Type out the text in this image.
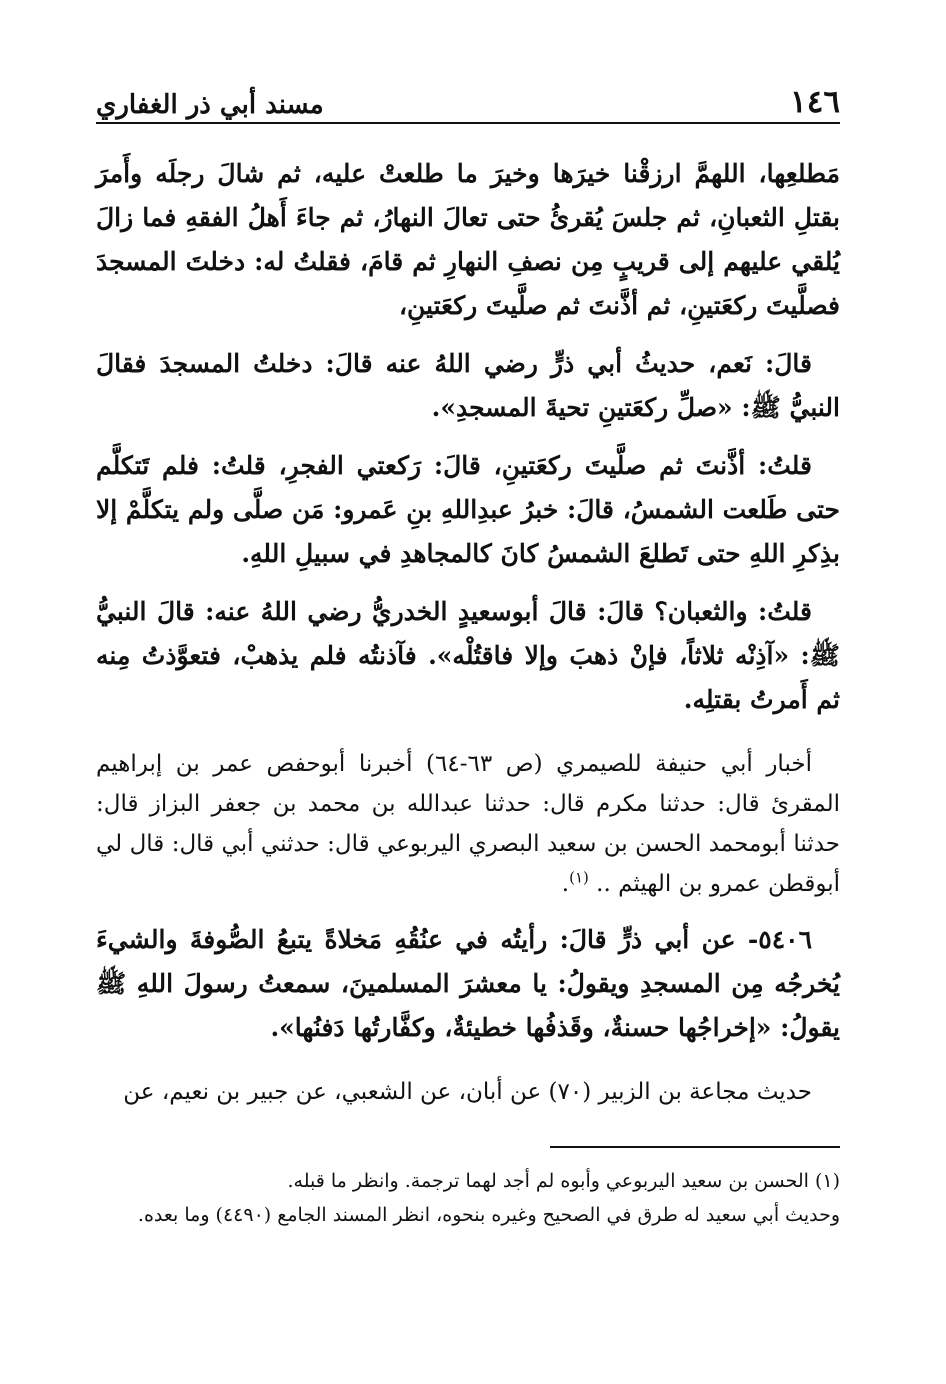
١٤٦
مسند أبي ذر الغفاري

مَطلعِها، اللهمَّ ارزقْنا خيرَها وخيرَ ما طلعتْ عليه، ثم شالَ رجلَه وأَمرَ بقتلِ الثعبانِ، ثم جلسَ يُقرئُ حتى تعالَ النهارُ، ثم جاءَ أَهلُ الفقهِ فما زالَ يُلقي عليهم إلى قريبٍ مِن نصفِ النهارِ ثم قامَ، فقلتُ له: دخلتَ المسجدَ فصلَّيتَ ركعَتينِ، ثم أذَّنتَ ثم صلَّيتَ ركعَتينِ،

قالَ: نَعم، حديثُ أبي ذرٍّ رضي اللهُ عنه قالَ: دخلتُ المسجدَ فقالَ النبيُّ ﷺ: «صلِّ ركعَتينِ تحيةَ المسجدِ».

قلتُ: أذَّنتَ ثم صلَّيتَ ركعَتينِ، قالَ: رَكعتي الفجرِ، قلتُ: فلم تَتكلَّم حتى طَلعت الشمسُ، قالَ: خبرُ عبدِاللهِ بنِ عَمرو: مَن صلَّى ولم يتكلَّمْ إلا بذِكرِ اللهِ حتى تَطلعَ الشمسُ كانَ كالمجاهدِ في سبيلِ اللهِ.

قلتُ: والثعبان؟ قالَ: قالَ أبوسعيدٍ الخدريُّ رضي اللهُ عنه: قالَ النبيُّ ﷺ: «آذِنْه ثلاثاً، فإنْ ذهبَ وإلا فاقتُلْه». فآذنتُه فلم يذهبْ، فتعوَّذتُ مِنه ثم أَمرتُ بقتلِه.

أخبار أبي حنيفة للصيمري (ص ٦٣-٦٤) أخبرنا أبوحفص عمر بن إبراهيم المقرئ قال: حدثنا مكرم قال: حدثنا عبدالله بن محمد بن جعفر البزاز قال: حدثنا أبومحمد الحسن بن سعيد البصري اليربوعي قال: حدثني أبي قال: قال لي أبوقطن عمرو بن الهيثم .. $^{(١)}$.

٥٤٠٦- عن أبي ذرٍّ قالَ: رأيتُه في عنُقُهِ مَخلاةً يتبعُ الصُّوفةَ والشيءَ يُخرجُه مِن المسجدِ ويقولُ: يا معشرَ المسلمينَ، سمعتُ رسولَ اللهِ ﷺ يقولُ: «إخراجُها حسنةٌ، وقَذفُها خطيئةٌ، وكفَّارتُها دَفنُها».

حديث مجاعة بن الزبير (٧٠) عن أبان، عن الشعبي، عن جبير بن نعيم، عن

(١) الحسن بن سعيد اليربوعي وأبوه لم أجد لهما ترجمة. وانظر ما قبله.

وحديث أبي سعيد له طرق في الصحيح وغيره بنحوه، انظر المسند الجامع (٤٤٩٠) وما بعده.
